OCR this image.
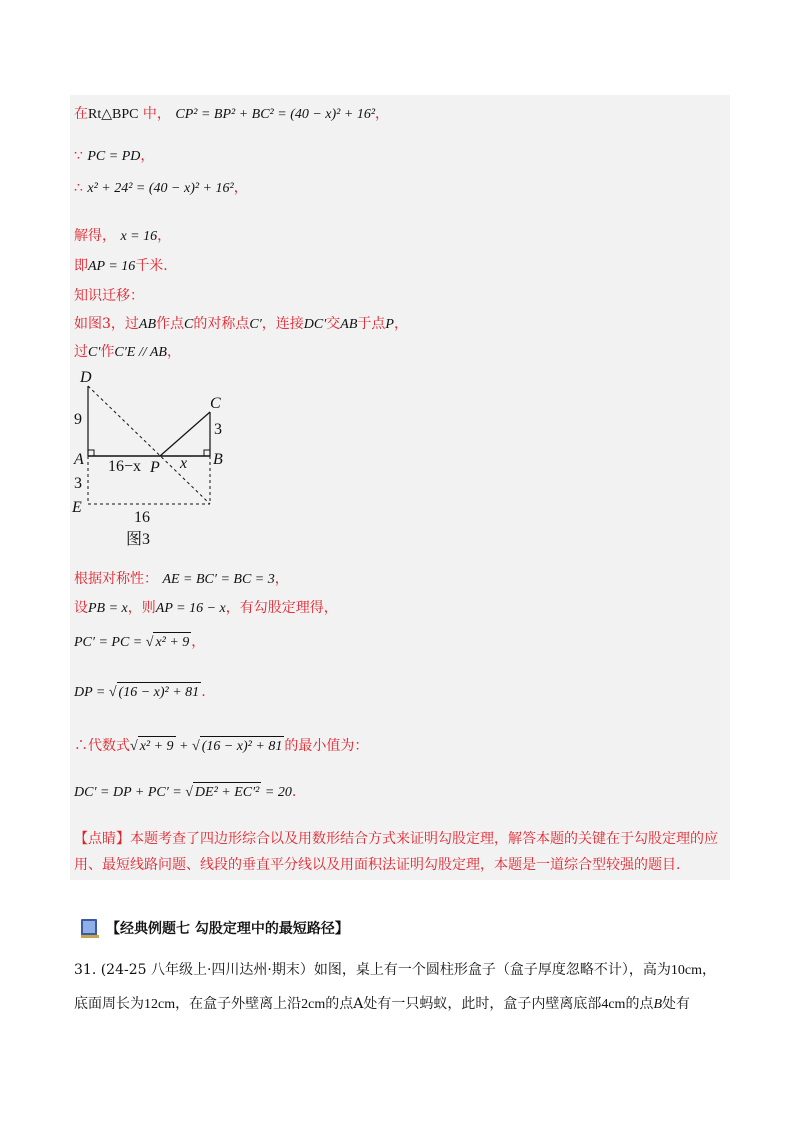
在Rt△BPC 中， CP² = BP² + BC² = (40 − x)² + 16²，
∵ PC = PD，
∴ x² + 24² = (40 − x)² + 16²，
解得， x = 16，
即AP = 16千米.
知识迁移：
如图3，过AB作点C的对称点C′，连接DC′交AB于点P，
过C′作C′E // AB，
D
C
A	B
P
E
9
3
3
16−x x
16
图3
根据对称性： AE = BC′ = BC = 3，
设PB = x，则AP = 16 − x，有勾股定理得，
PC′ = PC = √ x² + 9 ，
DP = √ (16 − x)² + 81 .
∴代数式√ x² + 9 + √ (16 − x)² + 81 的最小值为：
DC′ = DP + PC′ = √ DE² + EC′² = 20.
【点睛】本题考查了四边形综合以及用数形结合方式来证明勾股定理，解答本题的关键在于勾股定理的应用、最短线路问题、线段的垂直平分线以及用面积法证明勾股定理，本题是一道综合型较强的题目.
【经典例题七 勾股定理中的最短路径】
31. (24-25 八年级上·四川达州·期末）如图，桌上有一个圆柱形盒子（盒子厚度忽略不计），高为10cm，
底面周长为12cm，在盒子外壁离上沿2cm的点A处有一只蚂蚁，此时，盒子内壁离底部4cm的点B处有
